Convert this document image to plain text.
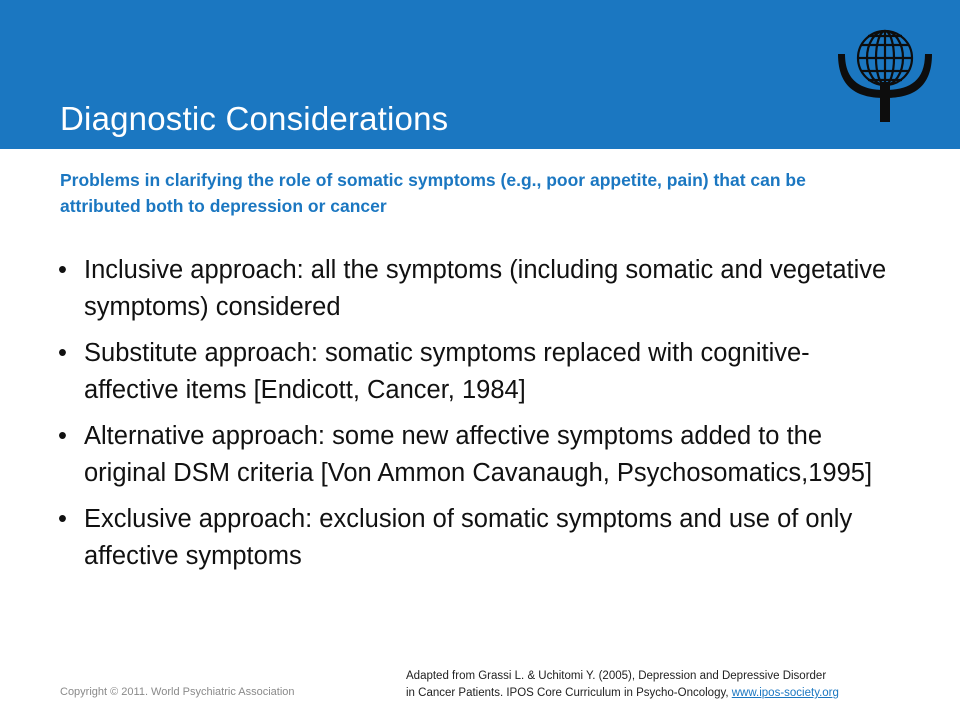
Diagnostic Considerations
Problems in clarifying the role of somatic symptoms (e.g., poor appetite, pain) that can be attributed both to depression or cancer
• Inclusive approach: all the symptoms (including somatic and vegetative symptoms) considered
• Substitute approach: somatic symptoms replaced with cognitive-affective items [Endicott, Cancer, 1984]
• Alternative approach: some new affective symptoms added to the original DSM criteria [Von Ammon Cavanaugh, Psychosomatics,1995]
• Exclusive approach: exclusion of somatic symptoms and use of only affective symptoms
Copyright © 2011. World Psychiatric Association
Adapted from Grassi L. & Uchitomi Y. (2005), Depression and Depressive Disorder
in Cancer Patients. IPOS Core Curriculum in Psycho-Oncology, www.ipos-society.org
